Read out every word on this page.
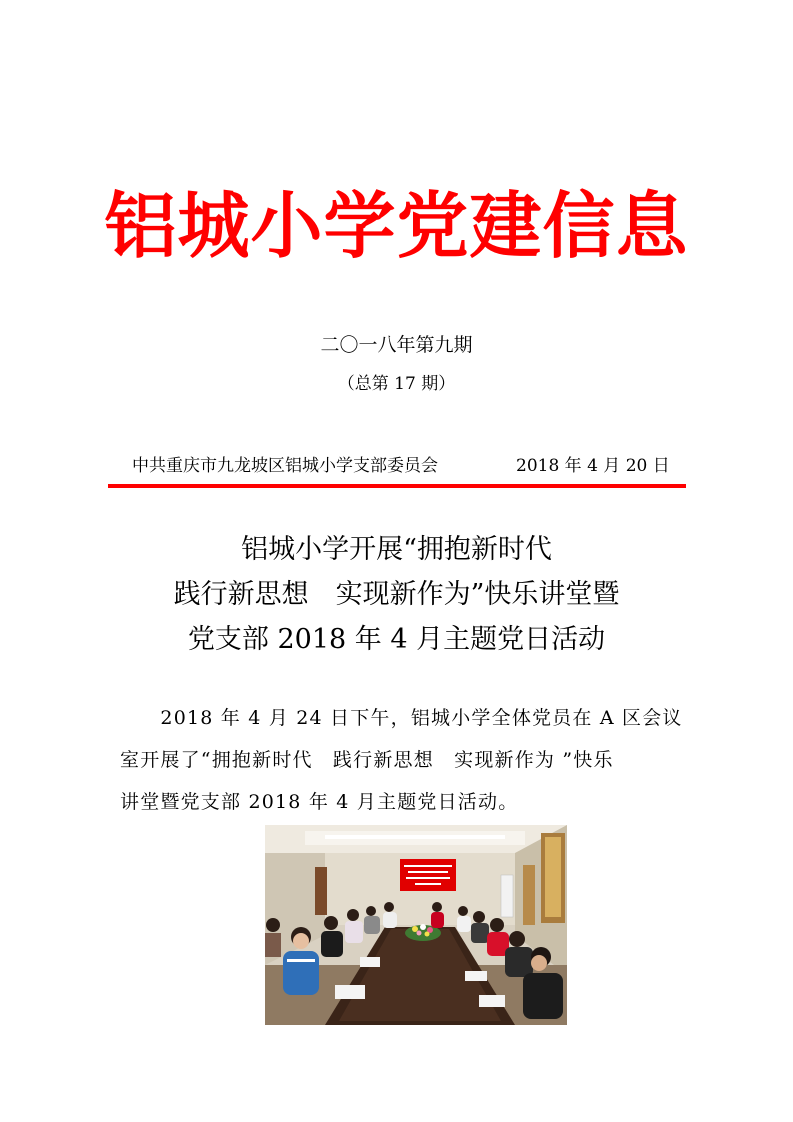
铝城小学党建信息
二〇一八年第九期
（总第 17 期）
中共重庆市九龙坡区铝城小学支部委员会	2018 年 4 月 20 日
铝城小学开展“拥抱新时代
践行新思想　实现新作为”快乐讲堂暨
党支部 2018 年 4 月主题党日活动
　　2018 年 4 月 24 日下午，铝城小学全体党员在 A 区会议
室开展了“拥抱新时代　践行新思想　实现新作为 ”快乐
讲堂暨党支部 2018 年 4 月主题党日活动。
